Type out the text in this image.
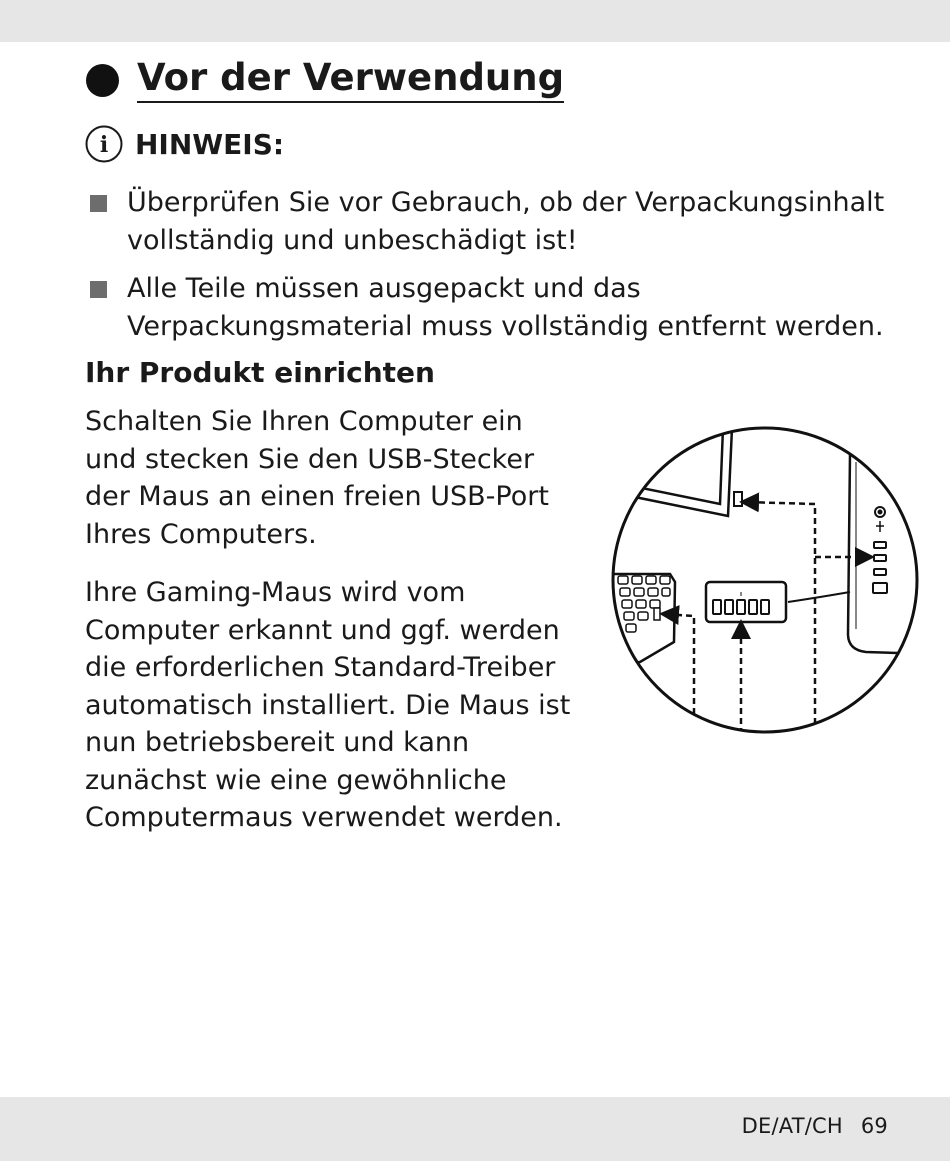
Vor der Verwendung
i HINWEIS:
Überprüfen Sie vor Gebrauch, ob der Verpackungsinhalt vollständig und unbeschädigt ist!
Alle Teile müssen ausgepackt und das Verpackungsmaterial muss vollständig entfernt werden.
Ihr Produkt einrichten

Schalten Sie Ihren Computer ein und stecken Sie den USB-Stecker der Maus an einen freien USB-Port Ihres Computers.

Ihre Gaming-Maus wird vom Computer erkannt und ggf. werden die erforderlichen Standard-Treiber automatisch installiert. Die Maus ist nun betriebsbereit und kann zunächst wie eine gewöhnliche Computermaus verwendet werden.

DE/AT/CH 69
